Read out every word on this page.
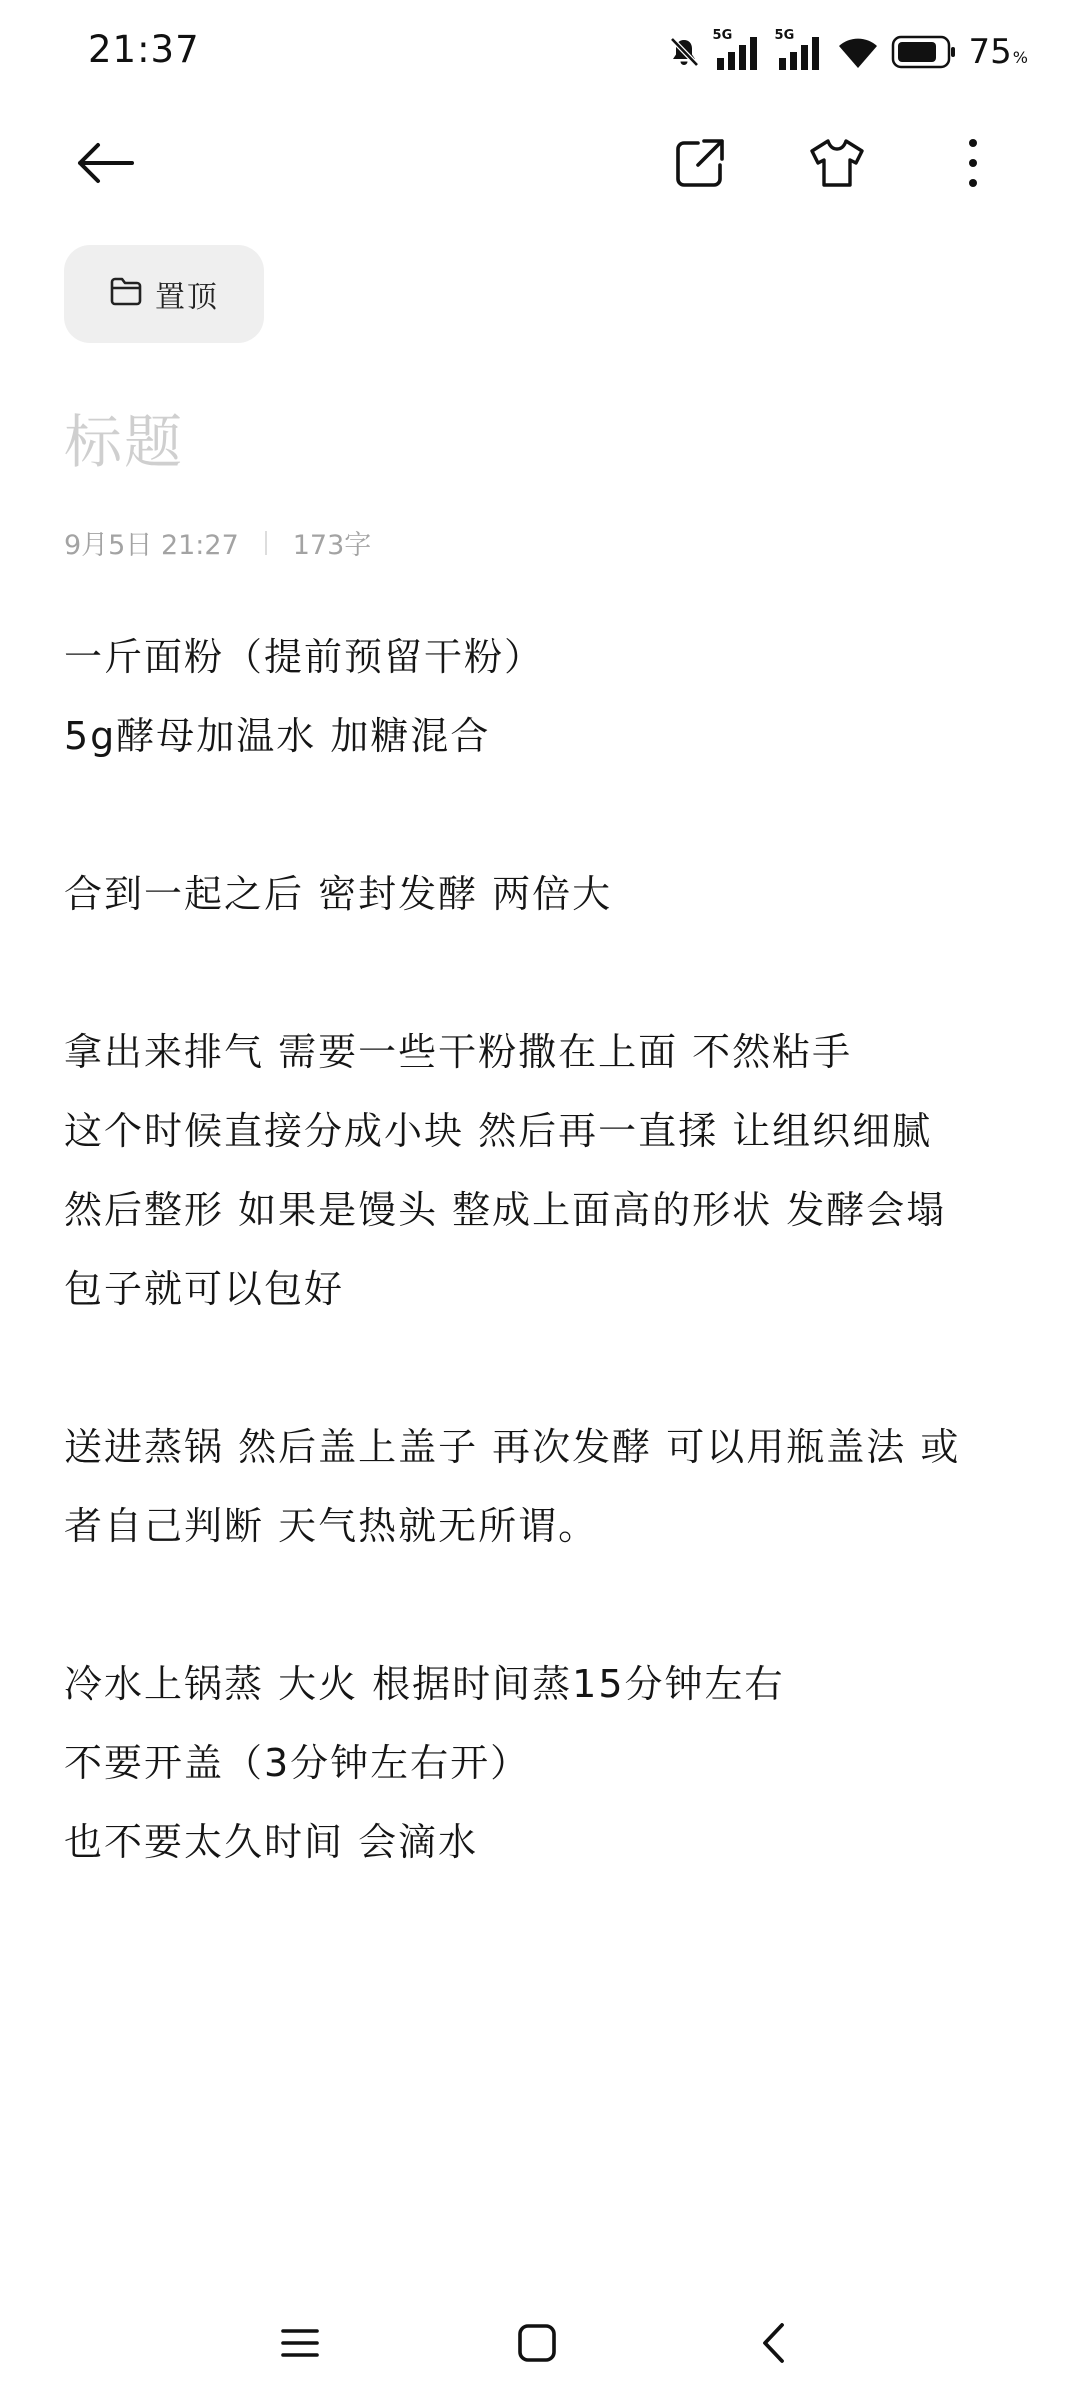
21:37	5G	5G	75 %
置顶
标题
9月5日 21:27 173字
一斤面粉（提前预留干粉）
5g酵母加温水 加糖混合
合到一起之后 密封发酵 两倍大
拿出来排气 需要一些干粉撒在上面 不然粘手
这个时候直接分成小块 然后再一直揉 让组织细腻
然后整形 如果是馒头 整成上面高的形状 发酵会塌
包子就可以包好
送进蒸锅 然后盖上盖子 再次发酵 可以用瓶盖法 或
者自己判断 天气热就无所谓。
冷水上锅蒸 大火 根据时间蒸15分钟左右
不要开盖（3分钟左右开）
也不要太久时间 会滴水
